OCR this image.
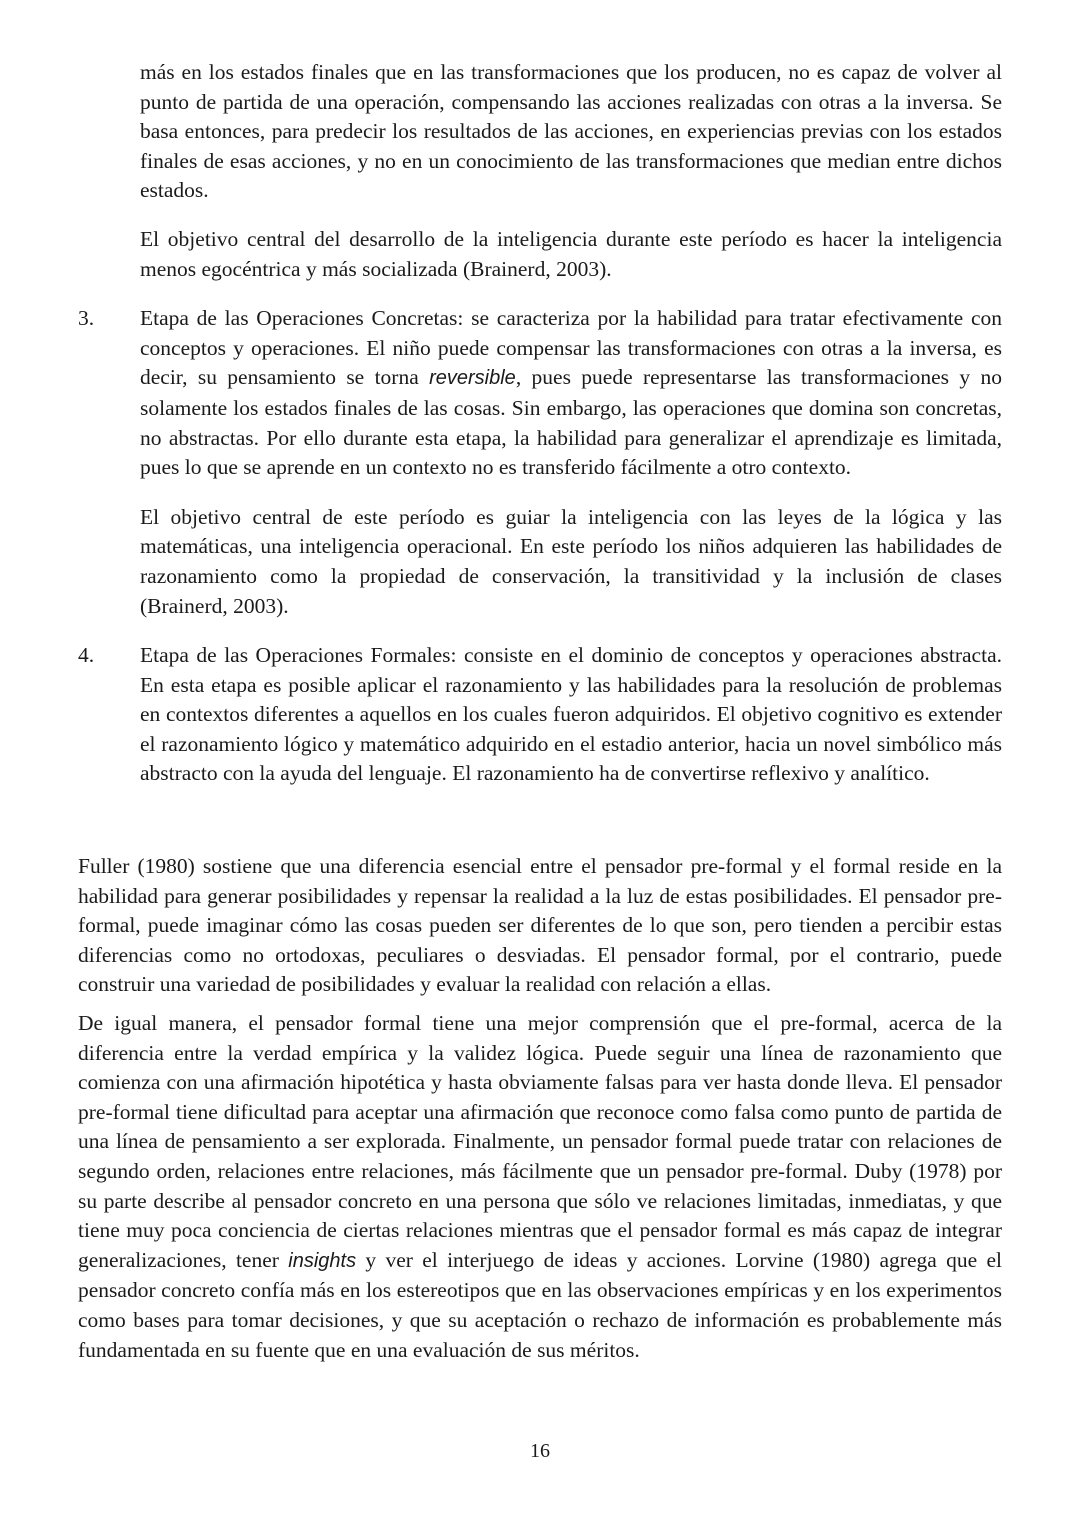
más en los estados finales que en las transformaciones que los producen, no es capaz de volver al punto de partida de una operación, compensando las acciones realizadas con otras a la inversa. Se basa entonces, para predecir los resultados de las acciones, en experiencias previas con los estados finales de esas acciones, y no en un conocimiento de las transformaciones que median entre dichos estados.

El objetivo central del desarrollo de la inteligencia durante este período es hacer la inteligencia menos egocéntrica y más socializada (Brainerd, 2003).

3.	Etapa de las Operaciones Concretas: se caracteriza por la habilidad para tratar efectivamente con conceptos y operaciones. El niño puede compensar las transformaciones con otras a la inversa, es decir, su pensamiento se torna reversible, pues puede representarse las transformaciones y no solamente los estados finales de las cosas. Sin embargo, las operaciones que domina son concretas, no abstractas. Por ello durante esta etapa, la habilidad para generalizar el aprendizaje es limitada, pues lo que se aprende en un contexto no es transferido fácilmente a otro contexto.

El objetivo central de este período es guiar la inteligencia con las leyes de la lógica y las matemáticas, una inteligencia operacional. En este período los niños adquieren las habilidades de razonamiento como la propiedad de conservación, la transitividad y la inclusión de clases (Brainerd, 2003).

4.	Etapa de las Operaciones Formales: consiste en el dominio de conceptos y operaciones abstracta. En esta etapa es posible aplicar el razonamiento y las habilidades para la resolución de problemas en contextos diferentes a aquellos en los cuales fueron adquiridos. El objetivo cognitivo es extender el razonamiento lógico y matemático adquirido en el estadio anterior, hacia un novel simbólico más abstracto con la ayuda del lenguaje. El razonamiento ha de convertirse reflexivo y analítico.

Fuller (1980) sostiene que una diferencia esencial entre el pensador pre-formal y el formal reside en la habilidad para generar posibilidades y repensar la realidad a la luz de estas posibilidades. El pensador pre-formal, puede imaginar cómo las cosas pueden ser diferentes de lo que son, pero tienden a percibir estas diferencias como no ortodoxas, peculiares o desviadas. El pensador formal, por el contrario, puede construir una variedad de posibilidades y evaluar la realidad con relación a ellas.

De igual manera, el pensador formal tiene una mejor comprensión que el pre-formal, acerca de la diferencia entre la verdad empírica y la validez lógica. Puede seguir una línea de razonamiento que comienza con una afirmación hipotética y hasta obviamente falsas para ver hasta donde lleva. El pensador pre-formal tiene dificultad para aceptar una afirmación que reconoce como falsa como punto de partida de una línea de pensamiento a ser explorada. Finalmente, un pensador formal puede tratar con relaciones de segundo orden, relaciones entre relaciones, más fácilmente que un pensador pre-formal. Duby (1978) por su parte describe al pensador concreto en una persona que sólo ve relaciones limitadas, inmediatas, y que tiene muy poca conciencia de ciertas relaciones mientras que el pensador formal es más capaz de integrar generalizaciones, tener insights y ver el interjuego de ideas y acciones. Lorvine (1980) agrega que el pensador concreto confía más en los estereotipos que en las observaciones empíricas y en los experimentos como bases para tomar decisiones, y que su aceptación o rechazo de información es probablemente más fundamentada en su fuente que en una evaluación de sus méritos.

16
